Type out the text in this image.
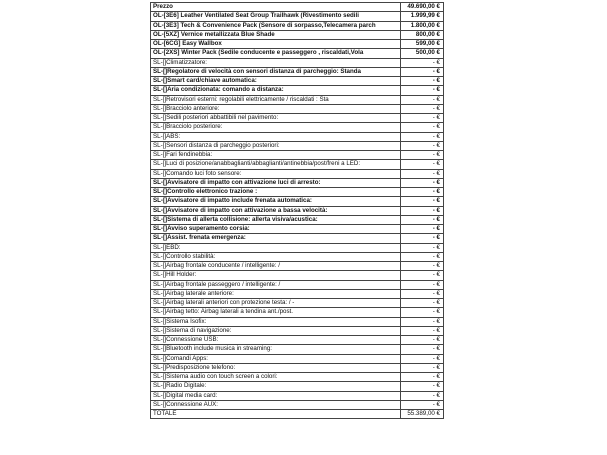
Prezzo	49.690,00 €
OL-[3E6] Leather Ventilated Seat Group Trailhawk (Rivestimento sedili	1.999,99 €
OL-[3E3] Tech & Convenience Pack (Sensore di sorpasso,Telecamera parch	1.800,00 €
OL-[5XZ] Vernice metallizzata Blue Shade	800,00 €
OL-[6CG] Easy Wallbox	599,00 €
OL-[2XS] Winter Pack (Sedile conducente e passeggero , riscaldati,Vola	500,00 €
SL-[]Climatizzatore:	- €
SL-[]Regolatore di velocità con sensori distanza di parcheggio: Standa	- €
SL-[]Smart card/chiave automatica:	- €
SL-[]Aria condizionata: comando a distanza:	- €
SL-[]Retrovisori esterni: regolabili elettricamente / riscaldati : Sta	- €
SL-[]Bracciolo anteriore:	- €
SL-[]Sedili posteriori abbattibili nel pavimento:	- €
SL-[]Bracciolo posteriore:	- €
SL-[]ABS:	- €
SL-[]Sensori distanza di parcheggio posteriori:	- €
SL-[]Fari fendinebbia:	- €
SL-[]Luci di posizione/anabbaglianti/abbaglianti/antinebbia/post/freni a LED:	- €
SL-[]Comando luci foto sensore:	- €
SL-[]Avvisatore di impatto con attivazione luci di arresto:	- €
SL-[]Controllo elettronico trazione :	- €
SL-[]Avvisatore di impatto include frenata automatica:	- €
SL-[]Avvisatore di impatto con attivazione a bassa velocità:	- €
SL-[]Sistema di allerta collisione: allerta visiva/acustica:	- €
SL-[]Avviso superamento corsia:	- €
SL-[]Assist. frenata emergenza:	- €
SL-[]EBD:	- €
SL-[]Controllo stabilità:	- €
SL-[]Airbag frontale conducente / intelligente: /	- €
SL-[]Hill Holder:	- €
SL-[]Airbag frontale passeggero / intelligente: /	- €
SL-[]Airbag laterale anteriore:	- €
SL-[]Airbag laterali anteriori con protezione testa: / -	- €
SL-[]Airbag tetto: Airbag laterali a tendina ant./post.	- €
SL-[]Sistema Isofix:	- €
SL-[]Sistema di navigazione:	- €
SL-[]Connessione USB:	- €
SL-[]Bluetooth include musica in streaming:	- €
SL-[]Comandi Apps:	- €
SL-[]Predisposizione telefono:	- €
SL-[]Sistema audio con touch screen a colori:	- €
SL-[]Radio Digitale:	- €
SL-[]Digital media card:	- €
SL-[]Connessione AUX:	- €
TOTALE	55.389,00 €
